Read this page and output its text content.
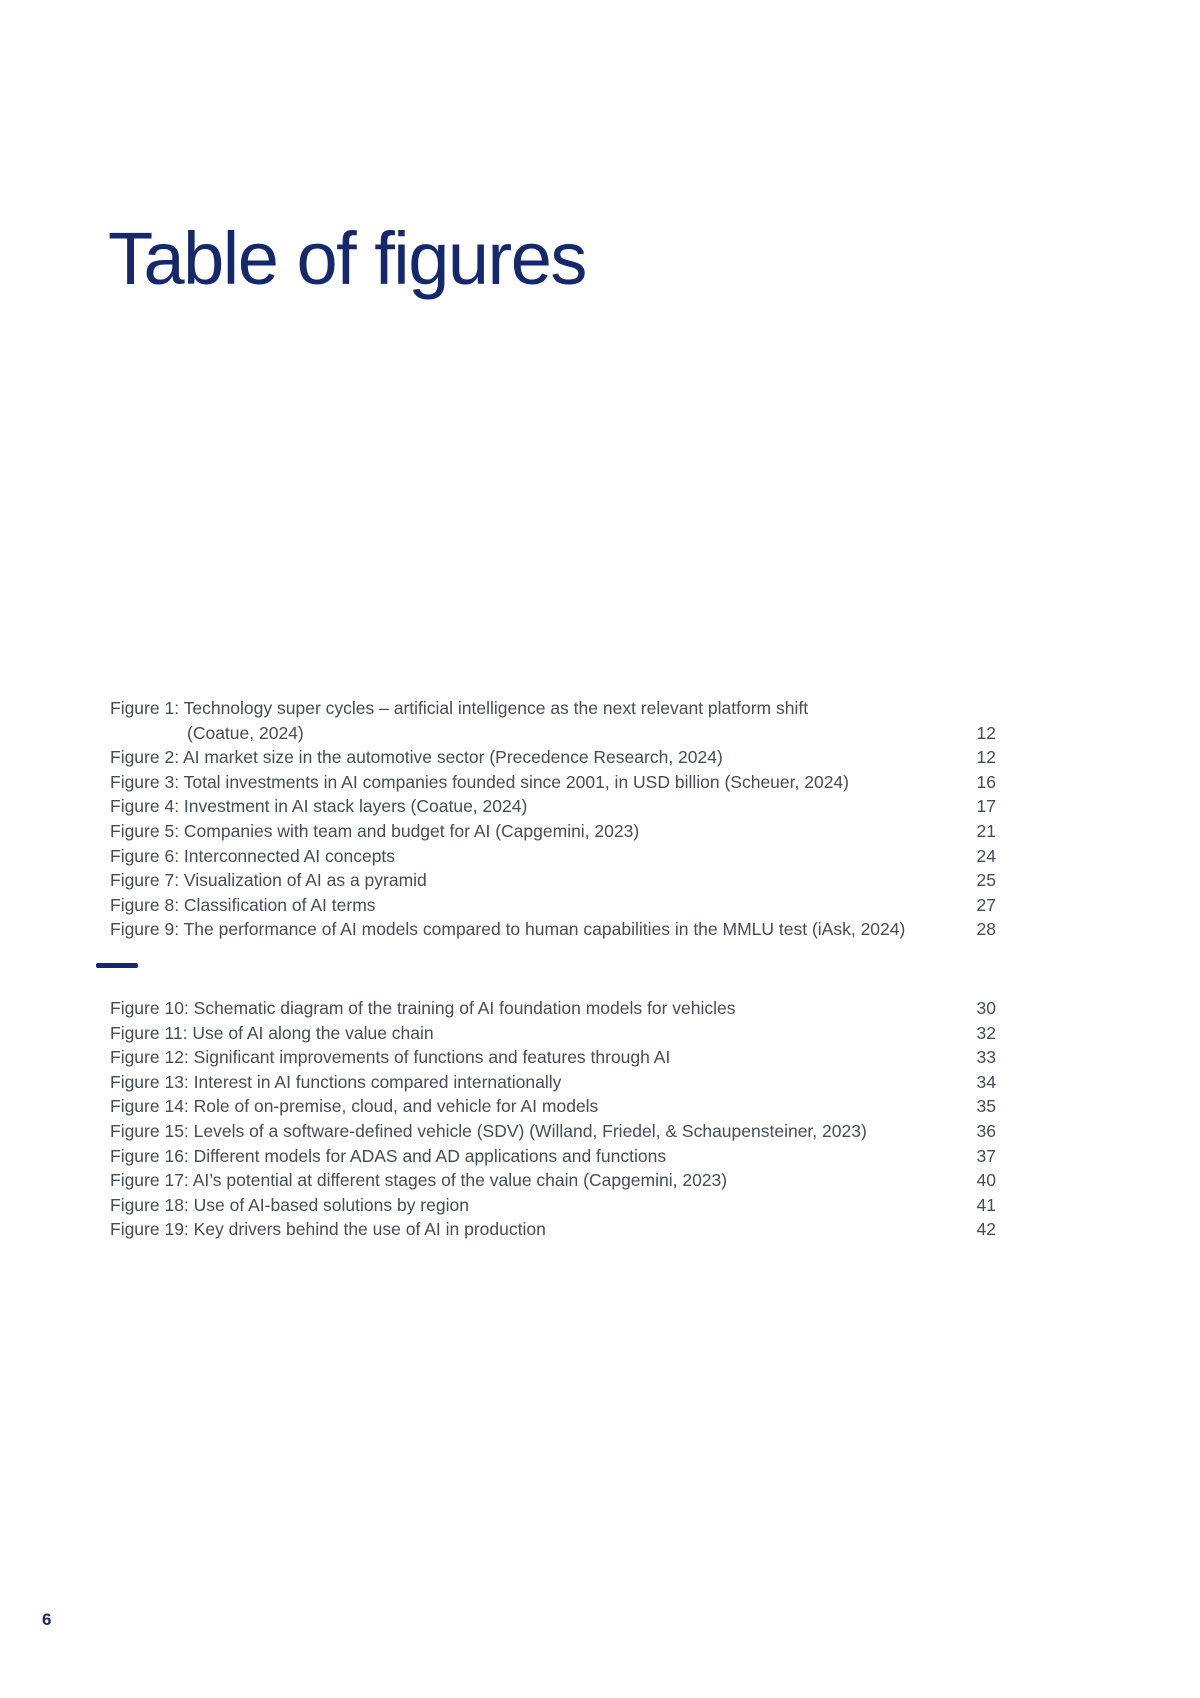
Table of figures
Figure 1: Technology super cycles – artificial intelligence as the next relevant platform shift
(Coatue, 2024)	12
Figure 2: AI market size in the automotive sector (Precedence Research, 2024)	12
Figure 3: Total investments in AI companies founded since 2001, in USD billion (Scheuer, 2024)	16
Figure 4: Investment in AI stack layers (Coatue, 2024)	17
Figure 5: Companies with team and budget for AI (Capgemini, 2023)	21
Figure 6: Interconnected AI concepts	24
Figure 7: Visualization of AI as a pyramid	25
Figure 8: Classification of AI terms	27
Figure 9: The performance of AI models compared to human capabilities in the MMLU test (iAsk, 2024)	28
Figure 10: Schematic diagram of the training of AI foundation models for vehicles	30
Figure 11: Use of AI along the value chain	32
Figure 12: Significant improvements of functions and features through AI	33
Figure 13: Interest in AI functions compared internationally	34
Figure 14: Role of on-premise, cloud, and vehicle for AI models	35
Figure 15: Levels of a software-defined vehicle (SDV) (Willand, Friedel, & Schaupensteiner, 2023)	36
Figure 16: Different models for ADAS and AD applications and functions	37
Figure 17: AI’s potential at different stages of the value chain (Capgemini, 2023)	40
Figure 18: Use of AI-based solutions by region	41
Figure 19: Key drivers behind the use of AI in production	42
6
